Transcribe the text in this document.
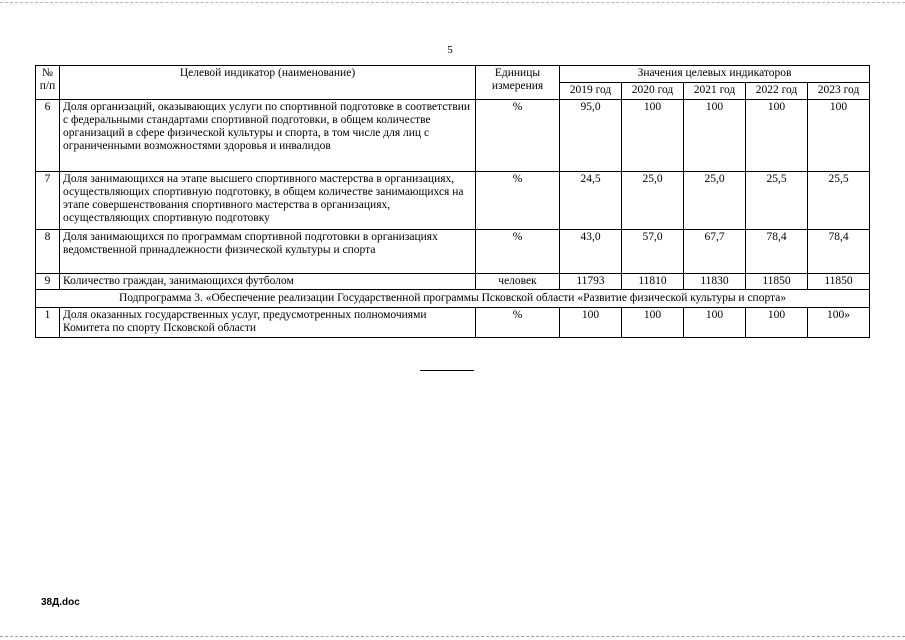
5
№ п/п	Целевой индикатор (наименование)	Единицы измерения	Значения целевых индикаторов				
			2019 год	2020 год	2021 год	2022 год	2023 год
6	Доля организаций, оказывающих услуги по спортивной подготовке в соответствии с федеральными стандартами спортивной подготовки, в общем количестве организаций в сфере физической культуры и спорта, в том числе для лиц с ограниченными возможностями здоровья и инвалидов	%	95,0	100	100	100	100
7	Доля занимающихся на этапе высшего спортивного мастерства в организациях, осуществляющих спортивную подготовку, в общем количестве занимающихся на этапе совершенствования спортивного мастерства в организациях, осуществляющих спортивную подготовку	%	24,5	25,0	25,0	25,5	25,5
8	Доля занимающихся по программам спортивной подготовки в организациях ведомственной принадлежности физической культуры и спорта	%	43,0	57,0	67,7	78,4	78,4
9	Количество граждан, занимающихся футболом	человек	11793	11810	11830	11850	11850
Подпрограмма 3. «Обеспечение реализации Государственной программы Псковской области «Развитие физической культуры и спорта»							
1	Доля оказанных государственных услуг, предусмотренных полномочиями Комитета по спорту Псковской области	%	100	100	100	100	100»
38Д.doc
